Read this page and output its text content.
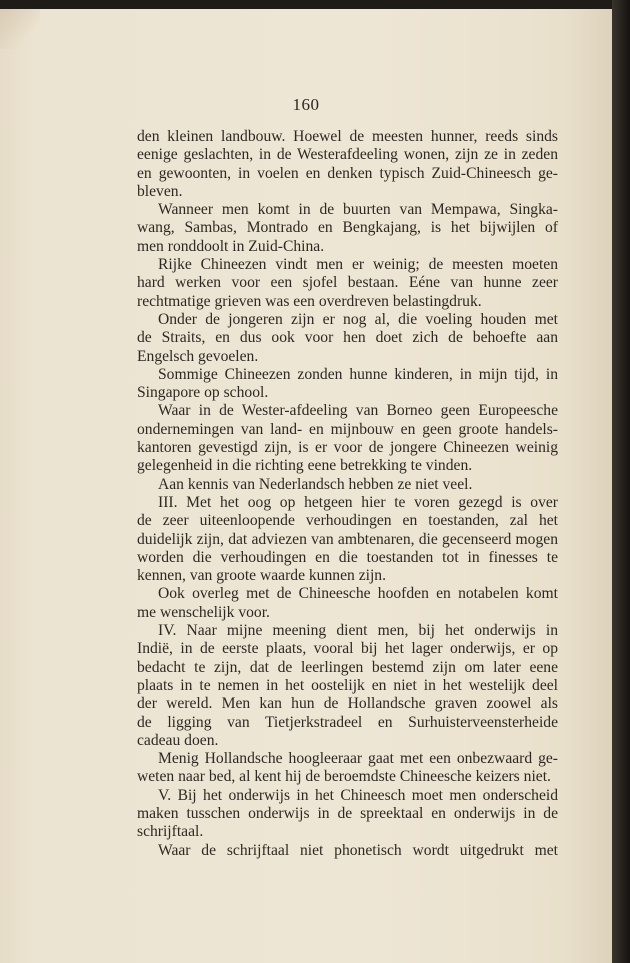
160
den kleinen landbouw. Hoewel de meesten hunner, reeds sinds
eenige geslachten, in de Westerafdeeling wonen, zijn ze in zeden
en gewoonten, in voelen en denken typisch Zuid-Chineesch ge-
bleven.
Wanneer men komt in de buurten van Mempawa, Singka-
wang, Sambas, Montrado en Bengkajang, is het bijwijlen of
men ronddoolt in Zuid-China.
Rijke Chineezen vindt men er weinig; de meesten moeten
hard werken voor een sjofel bestaan. Eéne van hunne zeer
rechtmatige grieven was een overdreven belastingdruk.
Onder de jongeren zijn er nog al, die voeling houden met
de Straits, en dus ook voor hen doet zich de behoefte aan
Engelsch gevoelen.
Sommige Chineezen zonden hunne kinderen, in mijn tijd, in
Singapore op school.
Waar in de Wester-afdeeling van Borneo geen Europeesche
ondernemingen van land- en mijnbouw en geen groote handels-
kantoren gevestigd zijn, is er voor de jongere Chineezen weinig
gelegenheid in die richting eene betrekking te vinden.
Aan kennis van Nederlandsch hebben ze niet veel.
III. Met het oog op hetgeen hier te voren gezegd is over
de zeer uiteenloopende verhoudingen en toestanden, zal het
duidelijk zijn, dat adviezen van ambtenaren, die gecenseerd mogen
worden die verhoudingen en die toestanden tot in finesses te
kennen, van groote waarde kunnen zijn.
Ook overleg met de Chineesche hoofden en notabelen komt
me wenschelijk voor.
IV. Naar mijne meening dient men, bij het onderwijs in
Indië, in de eerste plaats, vooral bij het lager onderwijs, er op
bedacht te zijn, dat de leerlingen bestemd zijn om later eene
plaats in te nemen in het oostelijk en niet in het westelijk deel
der wereld. Men kan hun de Hollandsche graven zoowel als
de ligging van Tietjerkstradeel en Surhuisterveensterheide
cadeau doen.
Menig Hollandsche hoogleeraar gaat met een onbezwaard ge-
weten naar bed, al kent hij de beroemdste Chineesche keizers niet.
V. Bij het onderwijs in het Chineesch moet men onderscheid
maken tusschen onderwijs in de spreektaal en onderwijs in de
schrijftaal.
Waar de schrijftaal niet phonetisch wordt uitgedrukt met
